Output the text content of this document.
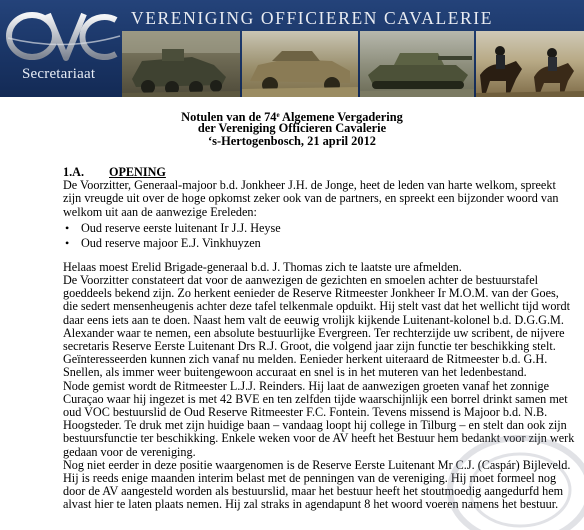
Secretariaat
VERENIGING OFFICIEREN CAVALERIE
Notulen van de 74e Algemene Vergadering
der Vereniging Officieren Cavalerie
‘s-Hertogenbosch, 21 april 2012
1.A. OPENING

De Voorzitter, Generaal-majoor b.d. Jonkheer J.H. de Jonge, heet de leden van harte welkom, spreekt zijn vreugde uit over de hoge opkomst zeker ook van de partners, en spreekt een bijzonder woord van welkom uit aan de aanwezige Ereleden:

• Oud reserve eerste luitenant Ir J.J. Heyse
• Oud reserve majoor E.J. Vinkhuyzen

Helaas moest Erelid Brigade-generaal b.d. J. Thomas zich te laatste ure afmelden.

De Voorzitter constateert dat voor de aanwezigen de gezichten en smoelen achter de bestuurstafel goeddeels bekend zijn. Zo herkent eenieder de Reserve Ritmeester Jonkheer Ir M.O.M. van der Goes, die sedert mensenheugenis achter deze tafel telkenmale opduikt. Hij stelt vast dat het wellicht tijd wordt daar eens iets aan te doen. Naast hem valt de eeuwig vrolijk kijkende Luitenant-kolonel b.d. D.G.G.M. Alexander waar te nemen, een absolute bestuurlijke Evergreen. Ter rechterzijde uw scribent, de nijvere secretaris Reserve Eerste Luitenant Drs R.J. Groot, die volgend jaar zijn functie ter beschikking stelt. Geïnteresseerden kunnen zich vanaf nu melden. Eenieder herkent uiteraard de Ritmeester b.d. G.H. Snellen, als immer weer buitengewoon accuraat en snel is in het muteren van het ledenbestand.

Node gemist wordt de Ritmeester L.J.J. Reinders. Hij laat de aanwezigen groeten vanaf het zonnige Curaçao waar hij ingezet is met 42 BVE en ten zelfden tijde waarschijnlijk een borrel drinkt samen met oud VOC bestuurslid de Oud Reserve Ritmeester F.C. Fontein. Tevens missend is Majoor b.d. N.B. Hoogsteder. Te druk met zijn huidige baan – vandaag loopt hij college in Tilburg – en stelt dan ook zijn bestuursfunctie ter beschikking. Enkele weken voor de AV heeft het Bestuur hem bedankt voor zijn werk gedaan voor de vereniging.

Nog niet eerder in deze positie waargenomen is de Reserve Eerste Luitenant Mr C.J. (Caspár) Bijleveld. Hij is reeds enige maanden interim belast met de penningen van de vereniging. Hij moet formeel nog door de AV aangesteld worden als bestuurslid, maar het bestuur heeft het stoutmoedig aangedurfd hem alvast hier te laten plaats nemen. Hij zal straks in agendapunt 8 het woord voeren namens het bestuur.
